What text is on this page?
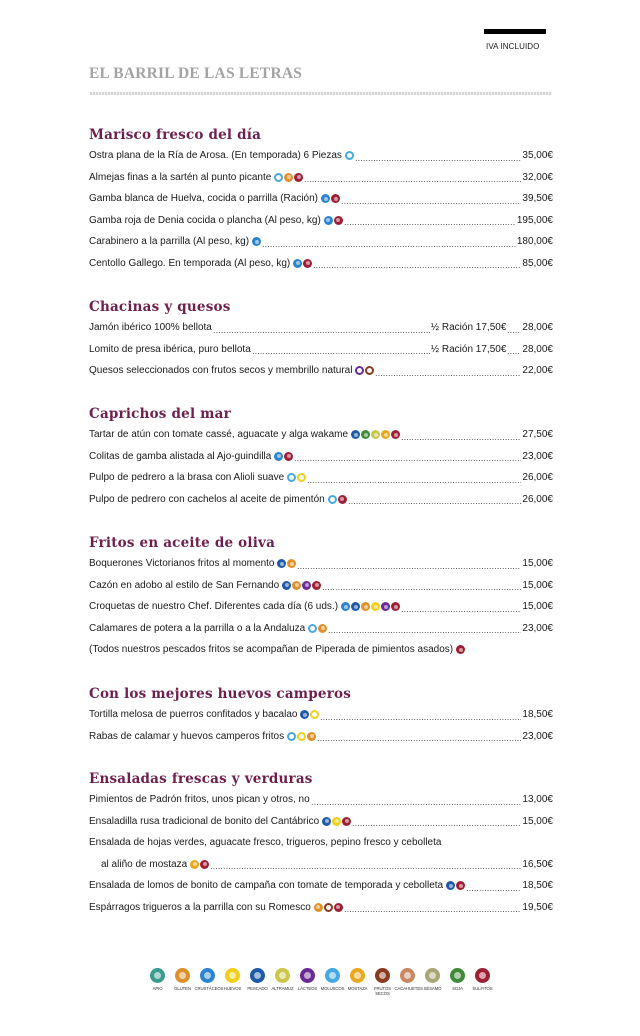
IVA INCLUIDO
EL BARRIL DE LAS LETRAS
Marisco fresco del día
Ostra plana de la Ría de Arosa. (En temporada) 6 Piezas	35,00€
Almejas finas a la sartén al punto picante	32,00€
Gamba blanca de Huelva, cocida o parrilla (Ración)	39,50€
Gamba roja de Denia cocida o plancha (Al peso, kg)	195,00€
Carabinero a la parrilla (Al peso, kg)	180,00€
Centollo Gallego. En temporada (Al peso, kg)	85,00€
Chacinas y quesos
Jamón ibérico 100% bellota	½ Ración 17,50€ 28,00€
Lomito de presa ibérica, puro bellota	½ Ración 17,50€ 28,00€
Quesos seleccionados con frutos secos y membrillo natural	22,00€
Caprichos del mar
Tartar de atún con tomate cassé, aguacate y alga wakame	27,50€
Colitas de gamba alistada al Ajo-guindilla	23,00€
Pulpo de pedrero a la brasa con Alioli suave	26,00€
Pulpo de pedrero con cachelos al aceite de pimentón	26,00€
Fritos en aceite de oliva
Boquerones Victorianos fritos al momento	15,00€
Cazón en adobo al estilo de San Fernando	15,00€
Croquetas de nuestro Chef. Diferentes cada día (6 uds.)	15,00€
Calamares de potera a la parrilla o a la Andaluza	23,00€
(Todos nuestros pescados fritos se acompañan de Piperada de pimientos asados)
Con los mejores huevos camperos
Tortilla melosa de puerros confitados y bacalao	18,50€
Rabas de calamar y huevos camperos fritos	23,00€
Ensaladas frescas y verduras
Pimientos de Padrón fritos, unos pican y otros, no	13,00€
Ensaladilla rusa tradicional de bonito del Cantábrico	15,00€
Ensalada de hojas verdes, aguacate fresco, trigueros, pepino fresco y cebolleta
al aliño de mostaza	16,50€
Ensalada de lomos de bonito de campaña con tomate de temporada y cebolleta	18,50€
Espárragos trigueros a la parrilla con su Romesco	19,50€
APIO	GLUTEN CRUSTÁCEOS HUEVOS	PESCADO ALTRAMUZ LÁCTEOS MOLUSCOS MOSTAZA	FRUTOS SECOS
CACAHUETES SÉSAMO	SOJA	SULFITOS
